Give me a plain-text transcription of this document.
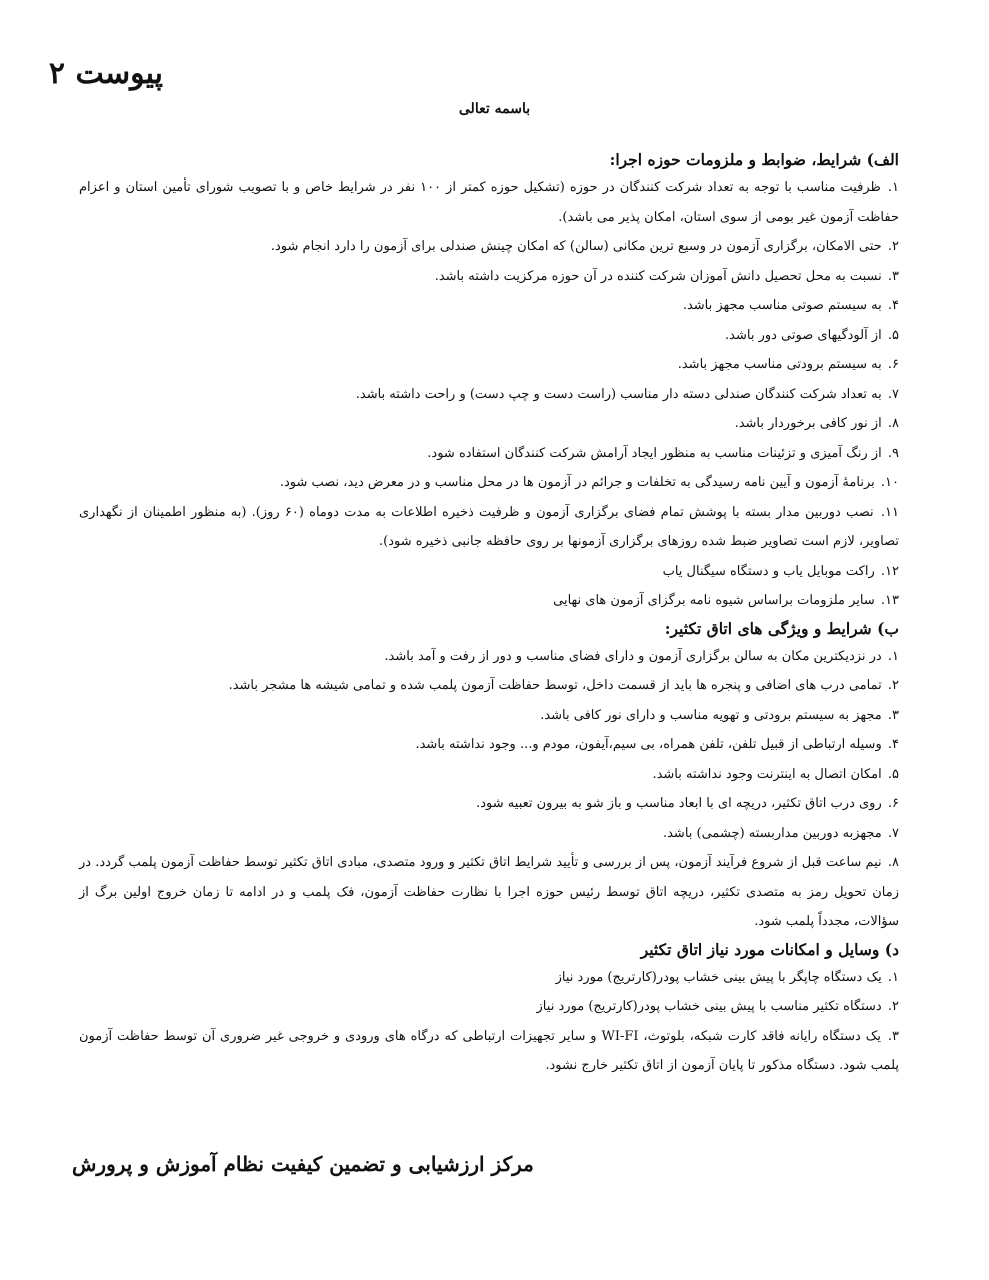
پیوست ۲

باسمه تعالی

الف) شرایط، ضوابط و ملزومات حوزه اجرا:

۱. ظرفیت مناسب با توجه به تعداد شرکت کنندگان در حوزه (تشکیل حوزه کمتر از ۱۰۰ نفر در شرایط خاص و با تصویب شورای تأمین استان و اعزام حفاظت آزمون غیر بومی از سوی استان، امکان پذیر می باشد).

۲. حتی الامکان، برگزاری آزمون در وسیع ترین مکانی (سالن) که امکان چینش صندلی برای آزمون را دارد انجام شود.

۳. نسبت به محل تحصیل دانش آموزان شرکت کننده در آن حوزه مرکزیت داشته باشد.

۴. به سیستم صوتی مناسب مجهز باشد.

۵. از آلودگیهای صوتی دور باشد.

۶. به سیستم برودتی مناسب مجهز باشد.

۷. به تعداد شرکت کنندگان صندلی دسته دار مناسب (راست دست و چپ دست) و راحت داشته باشد.

۸. از نور کافی برخوردار باشد.

۹. از رنگ آمیزی و تزئینات مناسب به منظور ایجاد آرامش شرکت کنندگان استفاده شود.

۱۰. برنامهٔ آزمون و آیین نامه رسیدگی به تخلفات و جرائم در آزمون ها در محل مناسب و در معرض دید، نصب شود.

۱۱. نصب دوربین مدار بسته با پوشش تمام فضای برگزاری آزمون و ظرفیت ذخیره اطلاعات به مدت دوماه (۶۰ روز). (به منظور اطمینان از نگهداری تصاویر، لازم است تصاویر ضبط شده روزهای برگزاری آزمونها بر روی حافظه جانبی ذخیره شود).

۱۲. راکت موبایل یاب و دستگاه سیگنال یاب

۱۳. سایر ملزومات براساس شیوه نامه برگزای آزمون های نهایی

ب) شرایط و ویژگی های اتاق تکثیر:

۱. در نزدیکترین مکان به سالن برگزاری آزمون و دارای فضای مناسب و دور از رفت و آمد باشد.

۲. تمامی درب های اضافی و پنجره ها باید از قسمت داخل، توسط حفاظت آزمون پلمب شده و تمامی شیشه ها مشجر باشد.

۳. مجهز به سیستم برودتی و تهویه مناسب و دارای نور کافی باشد.

۴. وسیله ارتباطی از قبیل تلفن، تلفن همراه، بی سیم،آیفون، مودم و... وجود نداشته باشد.

۵. امکان اتصال به اینترنت وجود نداشته باشد.

۶. روی درب اتاق تکثیر، دریچه ای با ابعاد مناسب و باز شو به بیرون تعبیه شود.

۷. مجهزبه دوربین مداربسته (چشمی) باشد.

۸. نیم ساعت قبل از شروع فرآیند آزمون، پس از بررسی و تأیید شرایط اتاق تکثیر و ورود متصدی، مبادی اتاق تکثیر توسط حفاظت آزمون پلمب گردد. در زمان تحویل رمز به متصدی تکثیر، دریچه اتاق توسط رئیس حوزه اجرا با نظارت حفاظت آزمون، فک پلمب و در ادامه تا زمان خروج اولین برگ از سؤالات، مجدداً پلمب شود.

د) وسایل و امکانات مورد نیاز اتاق تکثیر

۱. یک دستگاه چاپگر با پیش بینی خشاب پودر(کارتریج) مورد نیاز

۲. دستگاه تکثیر مناسب با پیش بینی خشاب پودر(کارتریج) مورد نیاز

۳. یک دستگاه رایانه فاقد کارت شبکه، بلوتوث، WI-FI و سایر تجهیزات ارتباطی که درگاه های ورودی و خروجی غیر ضروری آن توسط حفاظت آزمون پلمب شود. دستگاه مذکور تا پایان آزمون از اتاق تکثیر خارج نشود.

مرکز ارزشیابی و تضمین کیفیت نظام آموزش و پرورش
